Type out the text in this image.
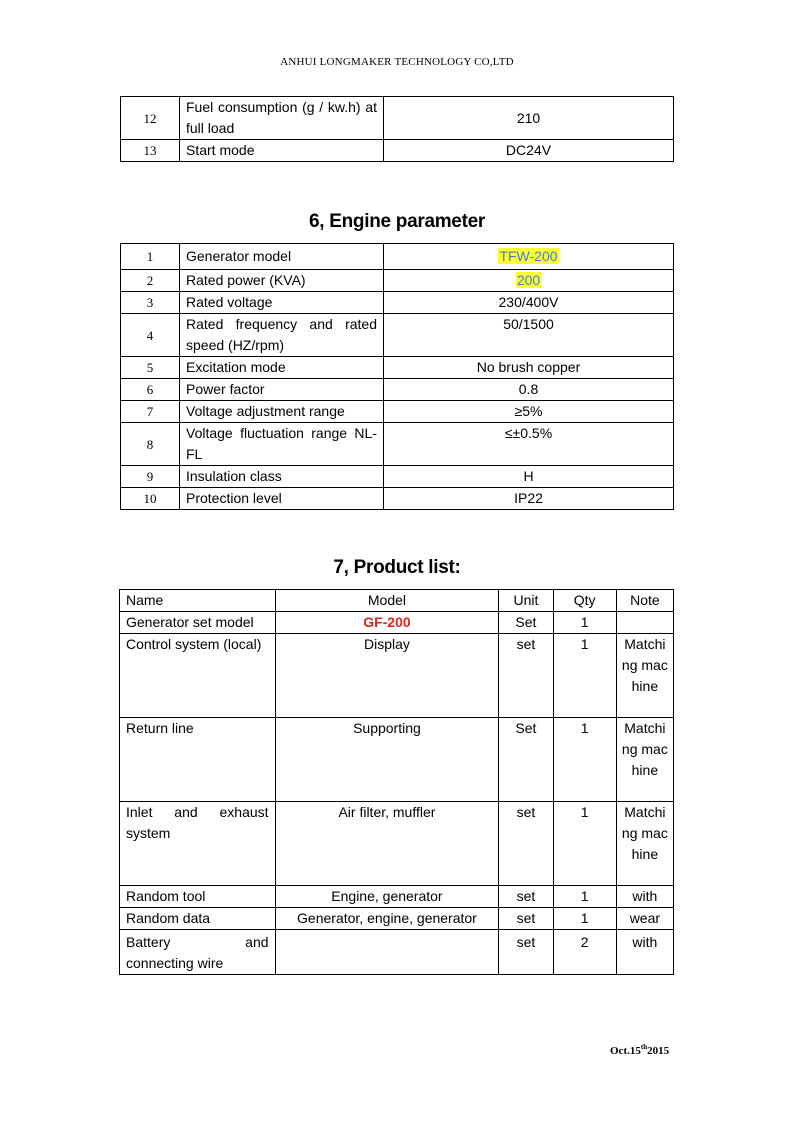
ANHUI LONGMAKER TECHNOLOGY CO,LTD
12	Fuel consumption (g / kw.h) at full load	210
13	Start mode	DC24V
6, Engine parameter
1	Generator model	TFW-200
2	Rated power (KVA)	200
3	Rated voltage	230/400V
4	Rated frequency and rated speed (HZ/rpm)	50/1500
5	Excitation mode	No brush copper
6	Power factor	0.8
7	Voltage adjustment range	≥5%
8	Voltage fluctuation range NL-FL	≤±0.5%
9	Insulation class	H
10	Protection level	IP22
7, Product list:
Name	Model	Unit	Qty	Note
Generator set model	GF-200	Set	1	
Control system (local)	Display	set	1	Matching machine
Return line	Supporting	Set	1	Matching machine
Inlet and exhaust system	Air filter, muffler	set	1	Matching machine
Random tool	Engine, generator	set	1	with
Random data	Generator, engine, generator	set	1	wear
Battery and connecting wire		set	2	with
Oct.15th2015
